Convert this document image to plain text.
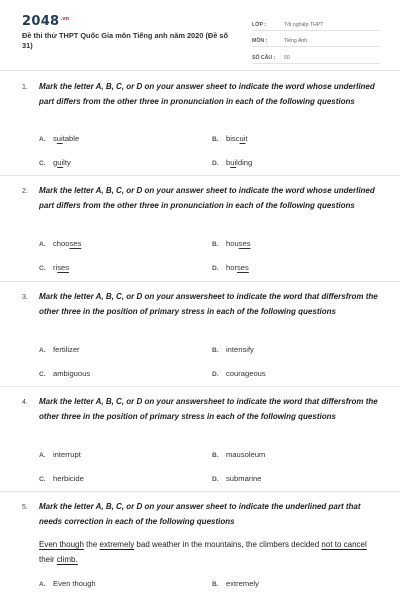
$2048^{.vn}$
Đề thi thử THPT Quốc Gia môn Tiếng anh năm 2020 (Đề số 31)
LỚP :	Tốt nghiệp THPT
MÔN :	Tiếng Anh
SỐ CÂU :	50
1. Mark the letter A, B, C, or D on your answer sheet to indicate the word whose underlined part differs from the other three in pronunciation in each of the following questions
A. suitable	B. biscuit
C. guilty	D. building
2. Mark the letter A, B, C, or D on your answer sheet to indicate the word whose underlined part differs from the other three in pronunciation in each of the following questions
A. chooses	B. houses
C. rises	D. horses
3. Mark the letter A, B, C, or D on your answersheet to indicate the word that differsfrom the other three in the position of primary stress in each of the following questions
A. fertilizer	B. intensify
C. ambiguous	D. courageous
4. Mark the letter A, B, C, or D on your answersheet to indicate the word that differsfrom the other three in the position of primary stress in each of the following questions
A. interrupt	B. mausoleum
C. herbicide	D. submarine
5. Mark the letter A, B, C, or D on your answer sheet to indicate the underlined part that needs correction in each of the following questions
Even though the extremely bad weather in the mountains, the climbers decided not to cancel their climb.
A. Even though	B. extremely
